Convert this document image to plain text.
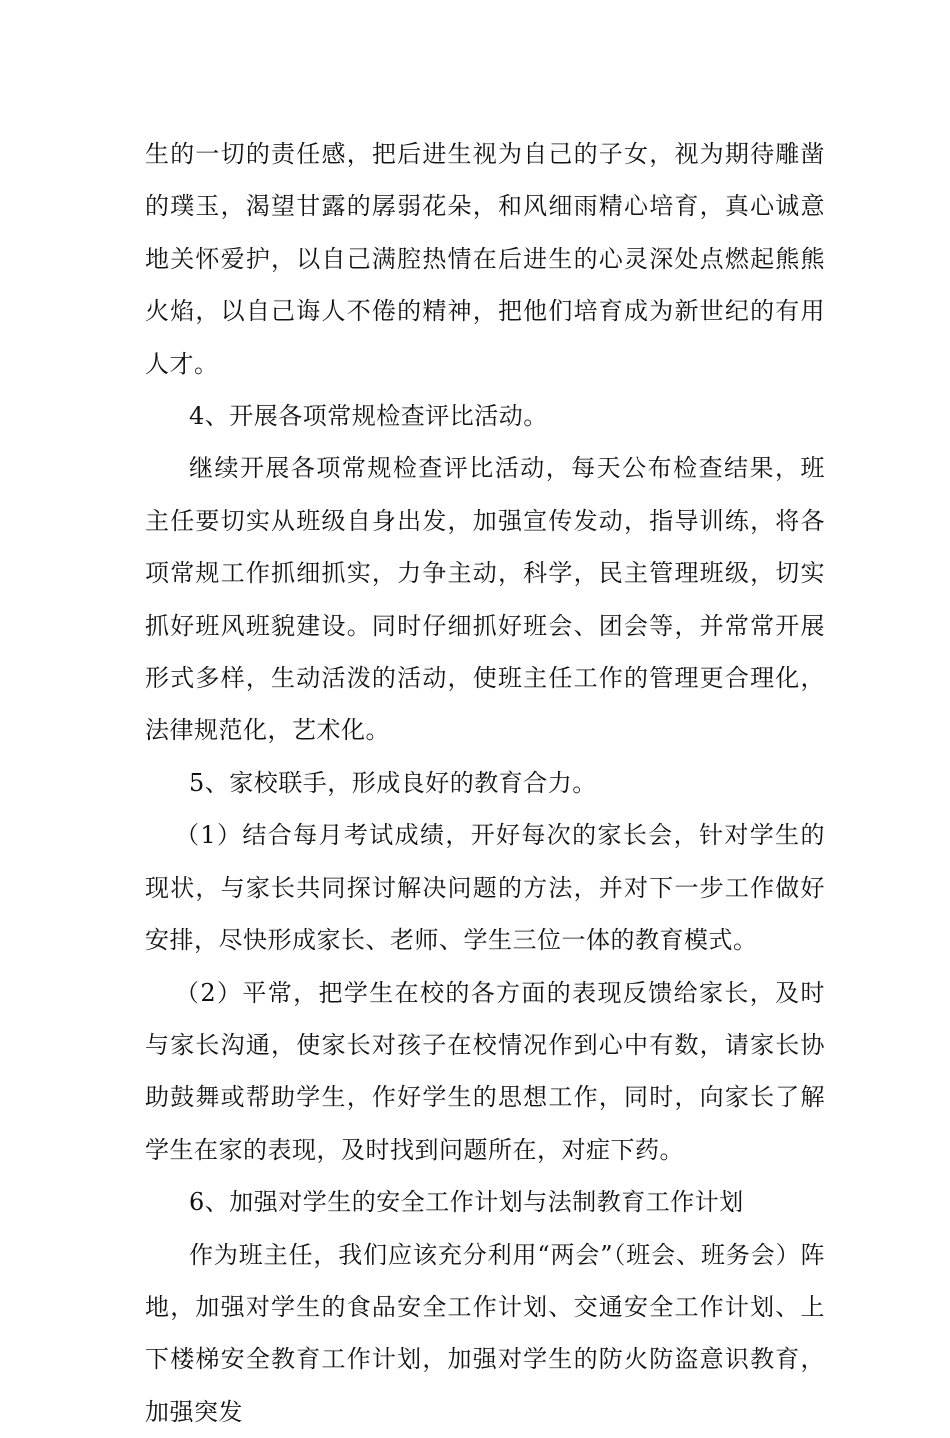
生的一切的责任感，把后进生视为自己的子女，视为期待雕凿的璞玉，渴望甘露的孱弱花朵，和风细雨精心培育，真心诚意地关怀爱护，以自己满腔热情在后进生的心灵深处点燃起熊熊火焰，以自己诲人不倦的精神，把他们培育成为新世纪的有用人才。

4、开展各项常规检查评比活动。

继续开展各项常规检查评比活动，每天公布检查结果，班主任要切实从班级自身出发，加强宣传发动，指导训练，将各项常规工作抓细抓实，力争主动，科学，民主管理班级，切实抓好班风班貌建设。同时仔细抓好班会、团会等，并常常开展形式多样，生动活泼的活动，使班主任工作的管理更合理化，法律规范化，艺术化。

5、家校联手，形成良好的教育合力。

（1）结合每月考试成绩，开好每次的家长会，针对学生的现状，与家长共同探讨解决问题的方法，并对下一步工作做好安排，尽快形成家长、老师、学生三位一体的教育模式。

（2）平常，把学生在校的各方面的表现反馈给家长，及时与家长沟通，使家长对孩子在校情况作到心中有数，请家长协助鼓舞或帮助学生，作好学生的思想工作，同时，向家长了解学生在家的表现，及时找到问题所在，对症下药。

6、加强对学生的安全工作计划与法制教育工作计划

作为班主任，我们应该充分利用“两会”（班会、班务会）阵地，加强对学生的食品安全工作计划、交通安全工作计划、上下楼梯安全教育工作计划，加强对学生的防火防盗意识教育，加强突发
